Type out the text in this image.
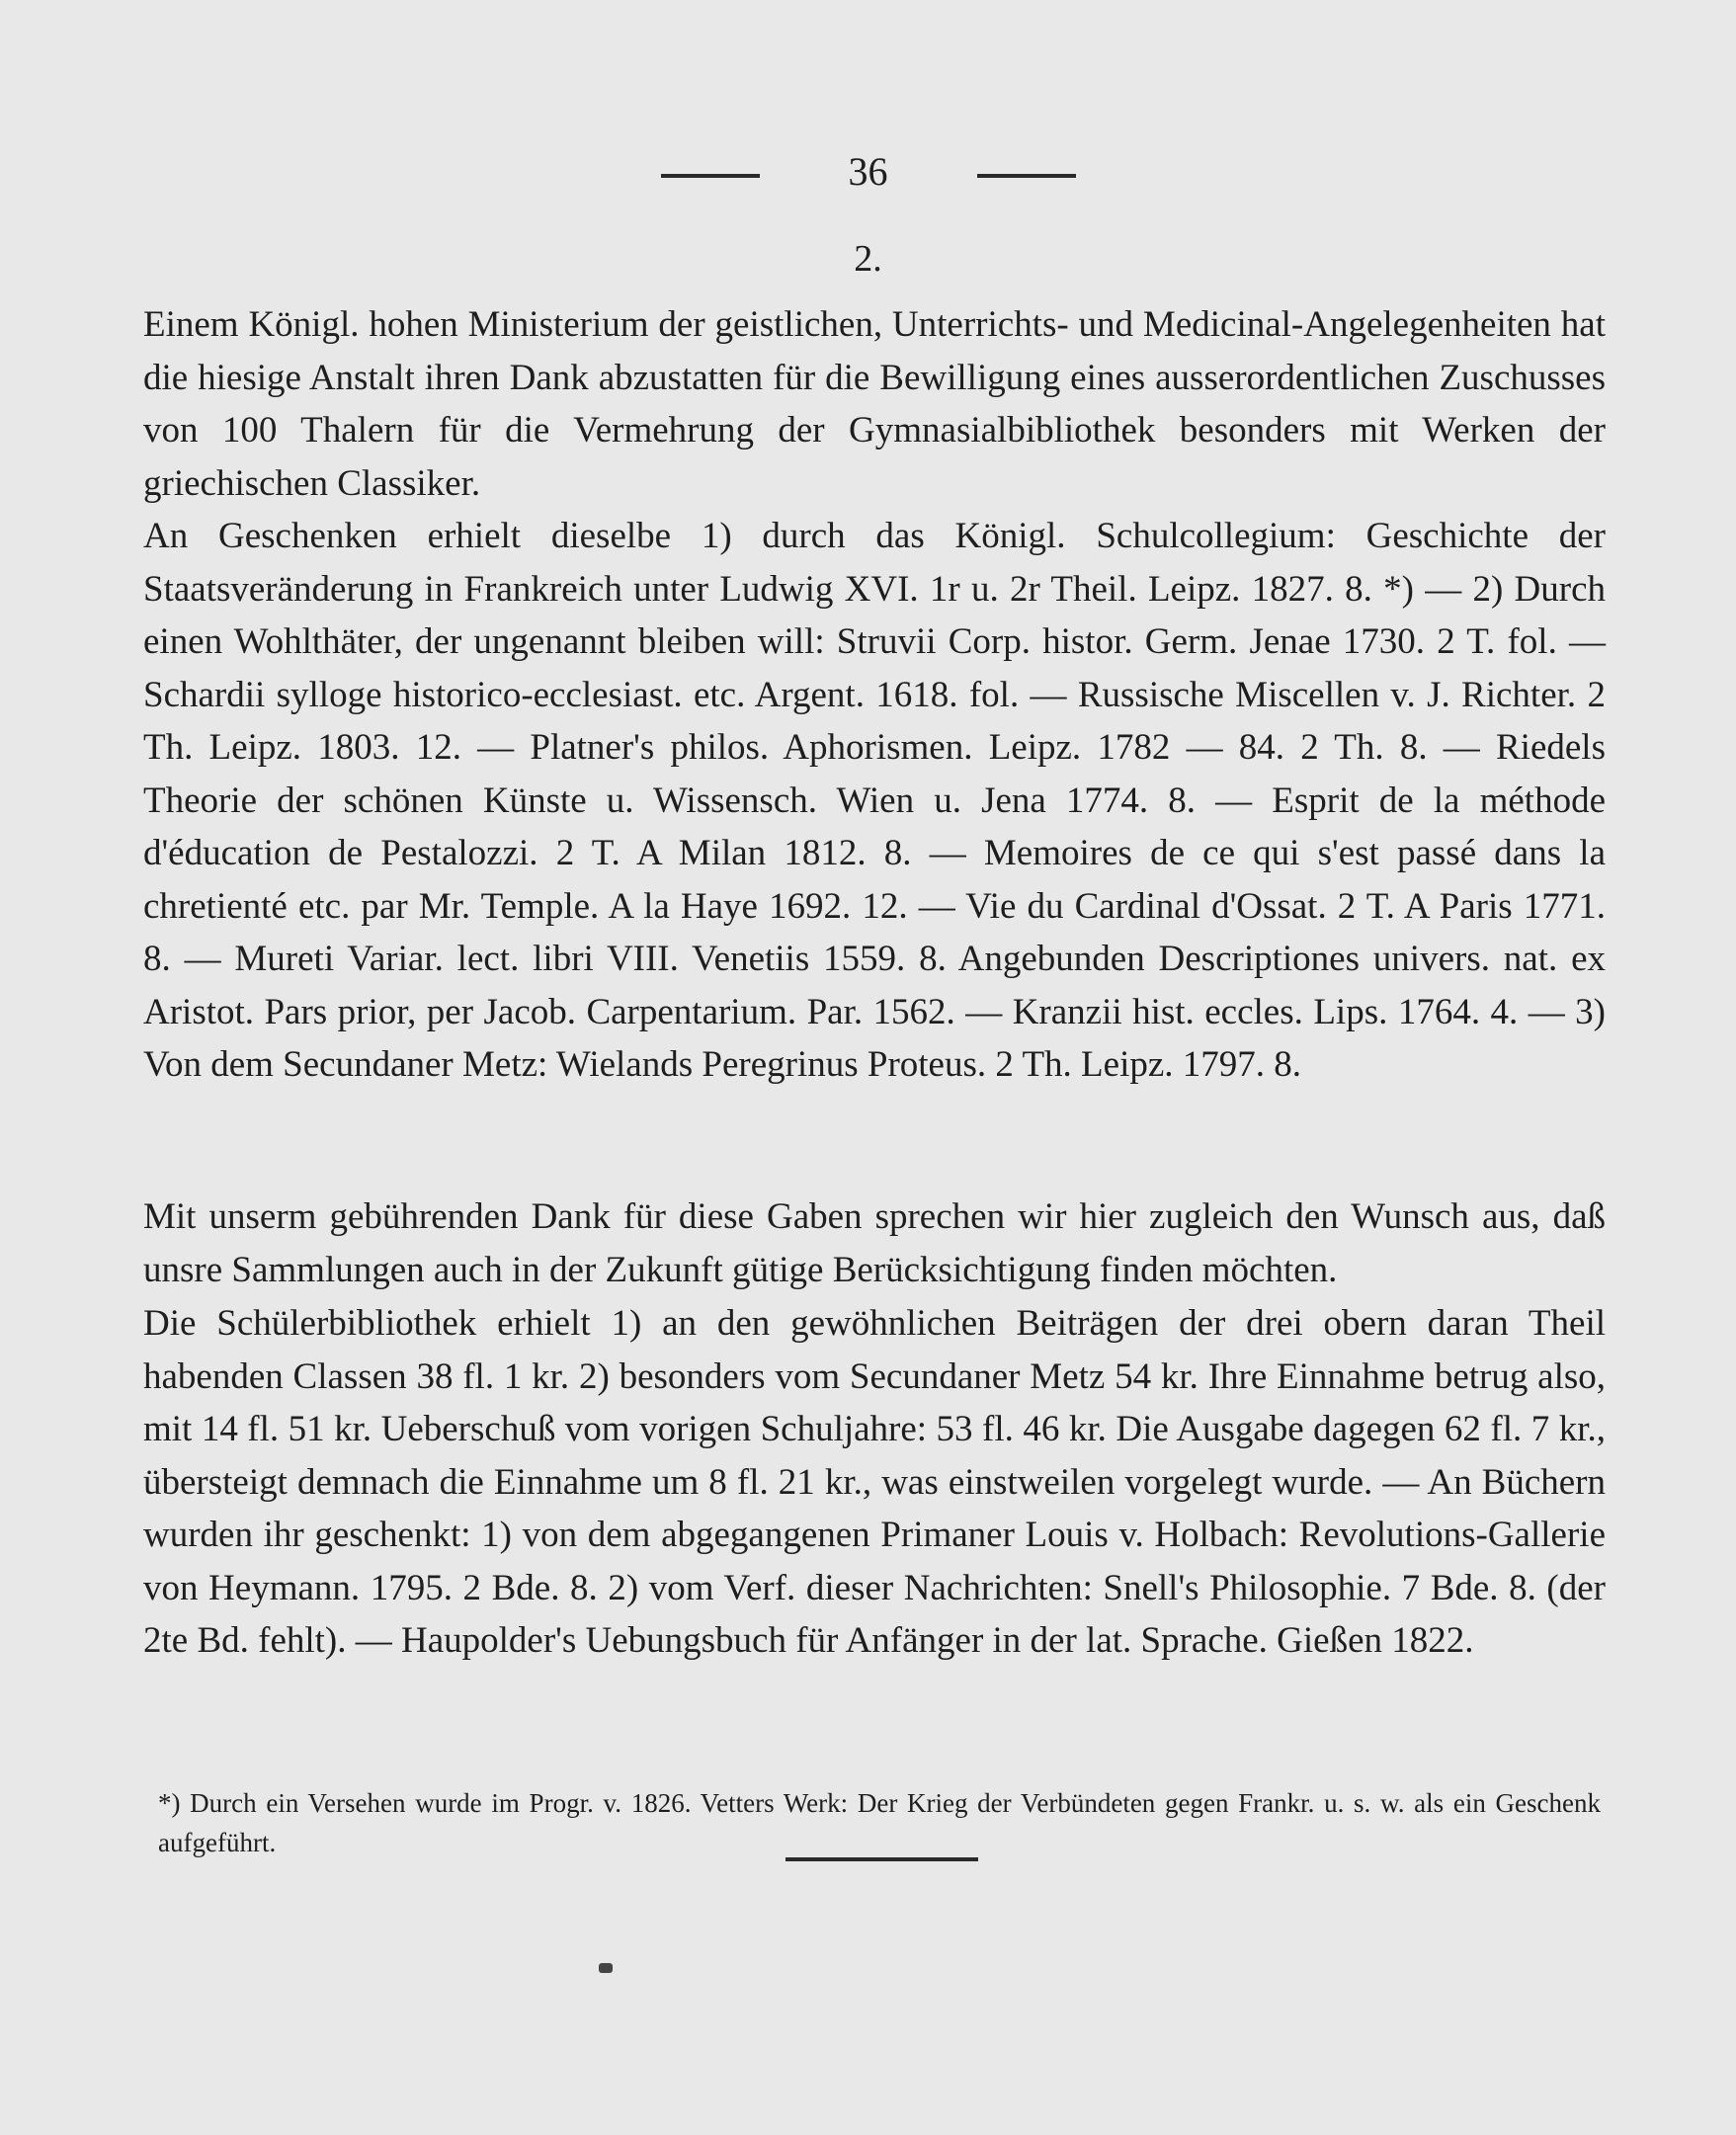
36
2.

Einem Königl. hohen Ministerium der geistlichen, Unterrichts- und Medicinal-Angelegenheiten hat die hiesige Anstalt ihren Dank abzustatten für die Bewilligung eines ausserordentlichen Zuschusses von 100 Thalern für die Vermehrung der Gymnasialbibliothek besonders mit Werken der griechischen Classiker.

An Geschenken erhielt dieselbe 1) durch das Königl. Schulcollegium: Geschichte der Staatsveränderung in Frankreich unter Ludwig XVI. 1r u. 2r Theil. Leipz. 1827. 8. *) — 2) Durch einen Wohlthäter, der ungenannt bleiben will: Struvii Corp. histor. Germ. Jenae 1730. 2 T. fol. — Schardii sylloge historico-ecclesiast. etc. Argent. 1618. fol. — Russische Miscellen v. J. Richter. 2 Th. Leipz. 1803. 12. — Platner's philos. Aphorismen. Leipz. 1782 — 84. 2 Th. 8. — Riedels Theorie der schönen Künste u. Wissensch. Wien u. Jena 1774. 8. — Esprit de la méthode d'éducation de Pestalozzi. 2 T. A Milan 1812. 8. — Memoires de ce qui s'est passé dans la chretienté etc. par Mr. Temple. A la Haye 1692. 12. — Vie du Cardinal d'Ossat. 2 T. A Paris 1771. 8. — Mureti Variar. lect. libri VIII. Venetiis 1559. 8. Angebunden Descriptiones univers. nat. ex Aristot. Pars prior, per Jacob. Carpentarium. Par. 1562. — Kranzii hist. eccles. Lips. 1764. 4. — 3) Von dem Secundaner Metz: Wielands Peregrinus Proteus. 2 Th. Leipz. 1797. 8.

Mit unserm gebührenden Dank für diese Gaben sprechen wir hier zugleich den Wunsch aus, daß unsre Sammlungen auch in der Zukunft gütige Berücksichtigung finden möchten.

Die Schülerbibliothek erhielt 1) an den gewöhnlichen Beiträgen der drei obern daran Theil habenden Classen 38 fl. 1 kr. 2) besonders vom Secundaner Metz 54 kr. Ihre Einnahme betrug also, mit 14 fl. 51 kr. Ueberschuß vom vorigen Schuljahre: 53 fl. 46 kr. Die Ausgabe dagegen 62 fl. 7 kr., übersteigt demnach die Einnahme um 8 fl. 21 kr., was einstweilen vorgelegt wurde. — An Büchern wurden ihr geschenkt: 1) von dem abgegangenen Primaner Louis v. Holbach: Revolutions-Gallerie von Heymann. 1795. 2 Bde. 8. 2) vom Verf. dieser Nachrichten: Snell's Philosophie. 7 Bde. 8. (der 2te Bd. fehlt). — Haupolder's Uebungsbuch für Anfänger in der lat. Sprache. Gießen 1822.

*) Durch ein Versehen wurde im Progr. v. 1826. Vetters Werk: Der Krieg der Verbündeten gegen Frankr. u. s. w. als ein Geschenk aufgeführt.
